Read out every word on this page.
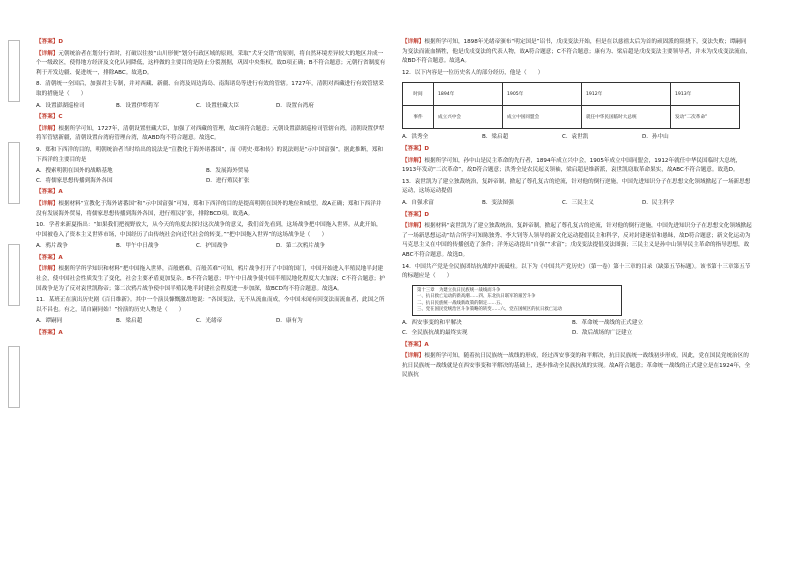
【答案】D

【详解】元朝统治者在划分行省时，打破以往按“山川形便”划分行政区域的原则，采取“犬牙交错”的原则，将自然环境差异较大的地区并成一个一级政区，使得地方经济及文化认同降低，这样做的主要目的是防止分裂割据，巩固中央集权，故D项正确；B不符合题意；元朝行省制度有利于开发边疆、促进统一，排除ABC。故选D。

8．清朝统一全国后，加强君主专制，并对西藏、新疆、台湾及周边海岛、南海诸岛等进行有效的管辖。1727年，清朝对西藏进行有效管辖采取的措施是（　　）

A．设置澎湖巡检司	B．设置伊犁将军	C．设置驻藏大臣	D．设置台湾府

【答案】C

【详解】根据所学可知，1727年，清朝设置驻藏大臣，加强了对西藏的管理，故C项符合题意；元朝设置澎湖巡检司管辖台湾，清朝设置伊犁将军管辖新疆，清朝设置台湾府管理台湾，故ABD均不符合题意。故选C。

9．郑和下西洋的目的，明朝统治者当时给出的说法是“宣教化于海外诸番国”，而《明史·郑和传》的说法则是“示中国富强”。据此推断，郑和下西洋的主要目的是

A．搜索明朝在国外的战略基地	B．发展海外贸易
C．将儒家思想传播到海外各国	D．进行殖民扩张

【答案】A

【详解】根据材料“宣教化于海外诸番国”和“示中国富强”可知，郑和下西洋的目的是提高明朝在国外的地位和威望，故A正确；郑和下西洋并没有发展海外贸易，将儒家思想传播到海外各国，进行殖民扩张，排除BCD项。故选A。

10．学者来新夏指出：“如果我们把视野放大，从今天的角度去探讨这次战争的意义，我们首先看到，这场战争把中国拖入世界。从此开始，中国被卷入了资本主义世界市场，中国经历了由传统社会向近代社会的转变。”“把中国拖入世界”的这场战争是（　　）

A．鸦片战争	B．甲午中日战争	C．护国战争	D．第二次鸦片战争

【答案】A

【详解】根据所学所学知识和材料“把中国拖入世界，百般磨难，百般苦难”可知，鸦片战争打开了中国的国门，中国开始进入半殖民地半封建社会，使中国社会性质发生了变化，社会主要矛盾更加复杂。B不符合题意；甲午中日战争使中国半殖民地化程度大大加深；C不符合题意；护国战争是为了反对袁世凯称帝；第二次鸦片战争使中国半殖民地半封建社会程度进一步加深，故BCD均不符合题意。故选A。

11．某班正在演出历史剧《百日维新》。其中一个演员慷慨激昂地说：“各国变法，无不从流血而成，今中国未闻有因变法而流血者，此国之所以不昌也。有之，请自嗣同始！”扮演的历史人物是（　　）

A．谭嗣同	B．梁启超	C．光绪帝	D．康有为

【答案】A

【详解】根据所学可知，1898年光绪帝颁布“明定国是”诏书，戊戌变法开始，但是在以慈禧太后为首的顽固派的阻挠下，变法失败；谭嗣同为变法而流血牺牲，他是戊戌变法的代表人物，故A符合题意；C不符合题意；康有为、梁启超是戊戌变法主要领导者，并未为戊戌变法流血，故BD不符合题意。故选A。

12．以下内容是一位历史名人的部分经历，他是（　　）

时间	1894年	1905年	1912年	1913年
事件	成立兴中会	成立中国同盟会	就任中华民国临时大总统	发动“二次革命”
A．洪秀全	B．梁启超	C．袁世凯	D．孙中山

【答案】D

【详解】根据所学可知，孙中山是民主革命的先行者，1894年成立兴中会，1905年成立中国同盟会，1912年就任中华民国临时大总统，1913年发动“二次革命”，故D符合题意；洪秀全是农民起义领袖，梁启超是维新派，袁世凯窃取革命果实，故ABC不符合题意。故选D。

13．袁世凯为了建立独裁统治，复辟帝制，掀起了尊孔复古的逆流，针对他的倒行逆施，中国先进知识分子在思想文化领域掀起了一场新思想运动，这场运动提倡

A．自强求富	B．变法图强	C．三民主义	D．民主科学

【答案】D

【详解】根据材料“袁世凯为了建立独裁统治，复辟帝制，掀起了尊孔复古的逆流，针对他的倒行逆施，中国先进知识分子在思想文化领域掀起了一场新思想运动”结合所学可知陈独秀、李大钊等人领导的新文化运动提倡民主和科学，反对封建迷信和愚昧，故D符合题意；新文化运动为马克思主义在中国的传播创造了条件；洋务运动提出“自强”“求富”；戊戌变法提倡变法图强；三民主义是孙中山领导民主革命的指导思想，故ABC不符合题意。故选D。

14．中国共产党是全民族团结抗战的中流砥柱。以下为《中国共产党历史》（第一卷）第十三章的目录（缺第五节标题）。该书第十三章第五节的标题应是（　　）

第十三章　为建立抗日民族统一战线而斗争
一、抗日救亡运动的新高潮……四、东北抗日联军的艰苦斗争
二、抗日民族统一战线新政策的制定……五、
三、党在国民党统治区斗争策略的转变……六、党在国统区的抗日救亡运动
A．西安事变的和平解决	B．革命统一战线的正式建立
C．全民族抗战的最终实现	D．敌后战场的广泛建立

【答案】A

【详解】根据所学可知，随着抗日民族统一战线的形成，经过西安事变的和平解决，抗日民族统一战线初步形成，因此，党在国民党统治区的抗日民族统一战线就是在西安事变和平解决的基础上，逐步推动全民族抗战的实现。故A符合题意；革命统一战线的正式建立是在1924年，全民族抗
